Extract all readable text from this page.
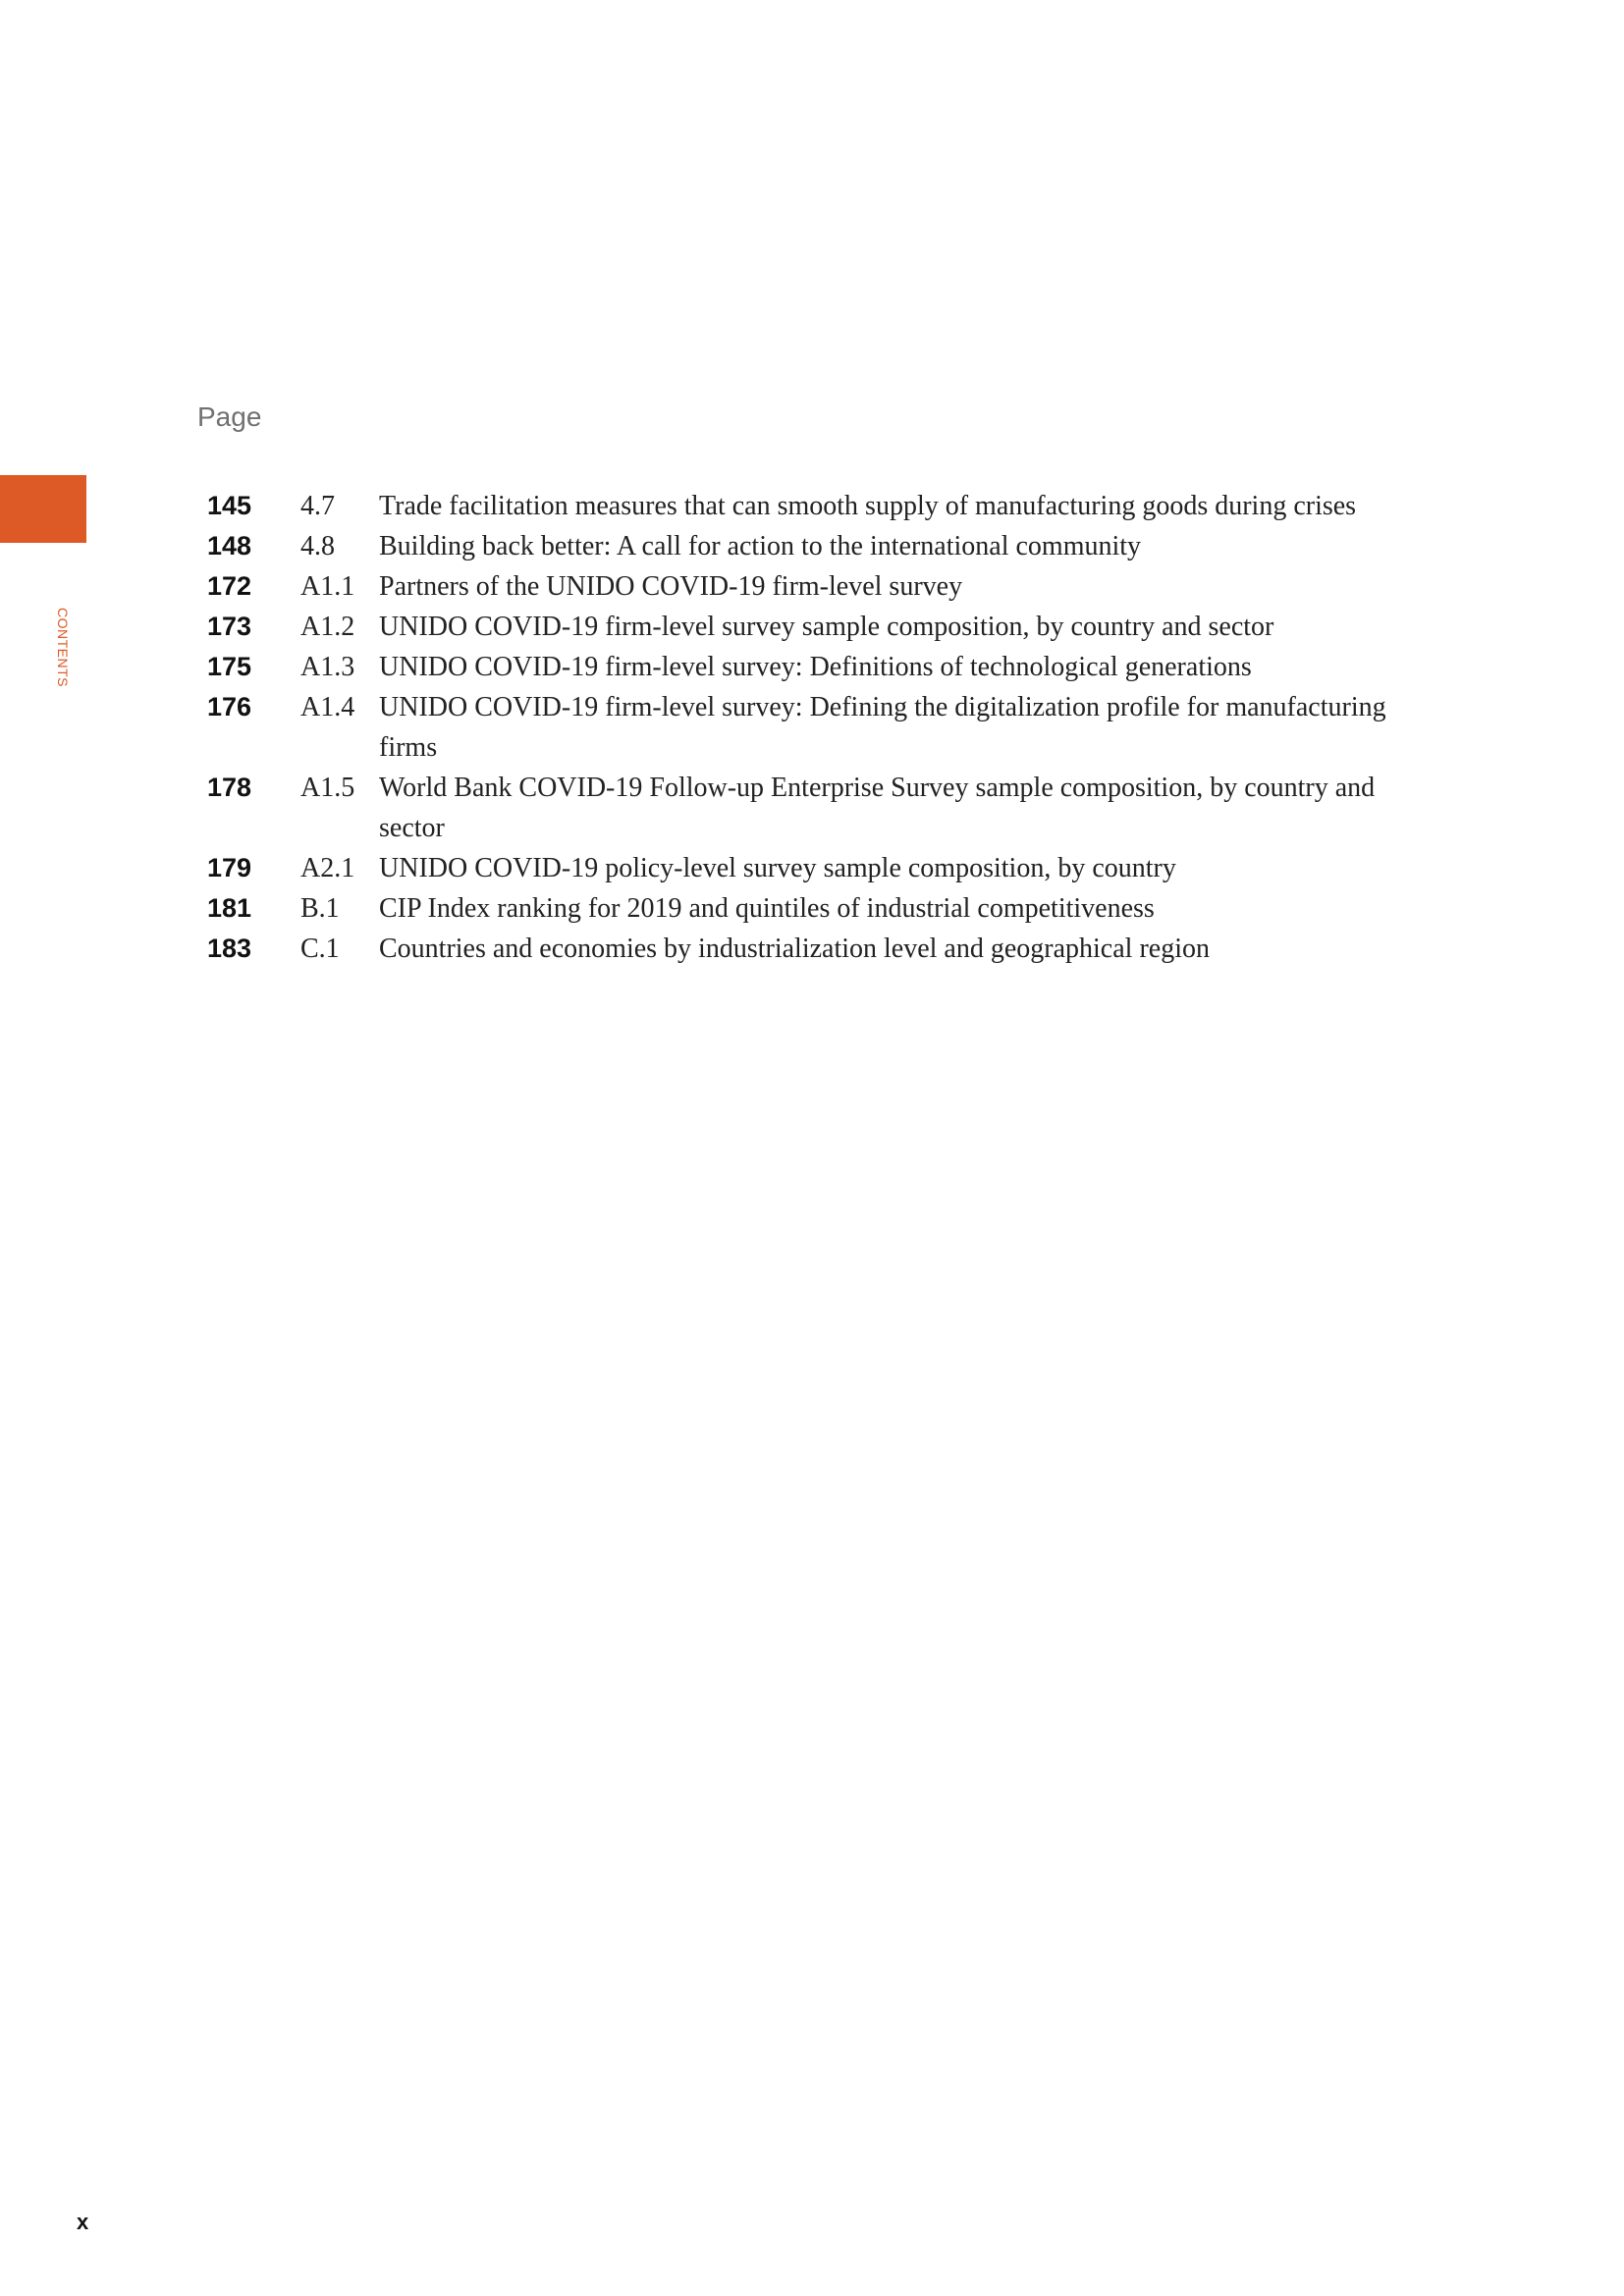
CONTENTS
Page
145	4.7	Trade facilitation measures that can smooth supply of manufacturing goods during crises
148	4.8	Building back better: A call for action to the international community
172	A1.1 Partners of the UNIDO COVID-19 firm-level survey
173	A1.2 UNIDO COVID-19 firm-level survey sample composition, by country and sector
175	A1.3 UNIDO COVID-19 firm-level survey: Definitions of technological generations
176	A1.4 UNIDO COVID-19 firm-level survey: Defining the digitalization profile for manufacturing firms
178	A1.5 World Bank COVID-19 Follow-up Enterprise Survey sample composition, by country and sector
179	A2.1 UNIDO COVID-19 policy-level survey sample composition, by country
181	B.1	CIP Index ranking for 2019 and quintiles of industrial competitiveness
183	C.1	Countries and economies by industrialization level and geographical region
x
